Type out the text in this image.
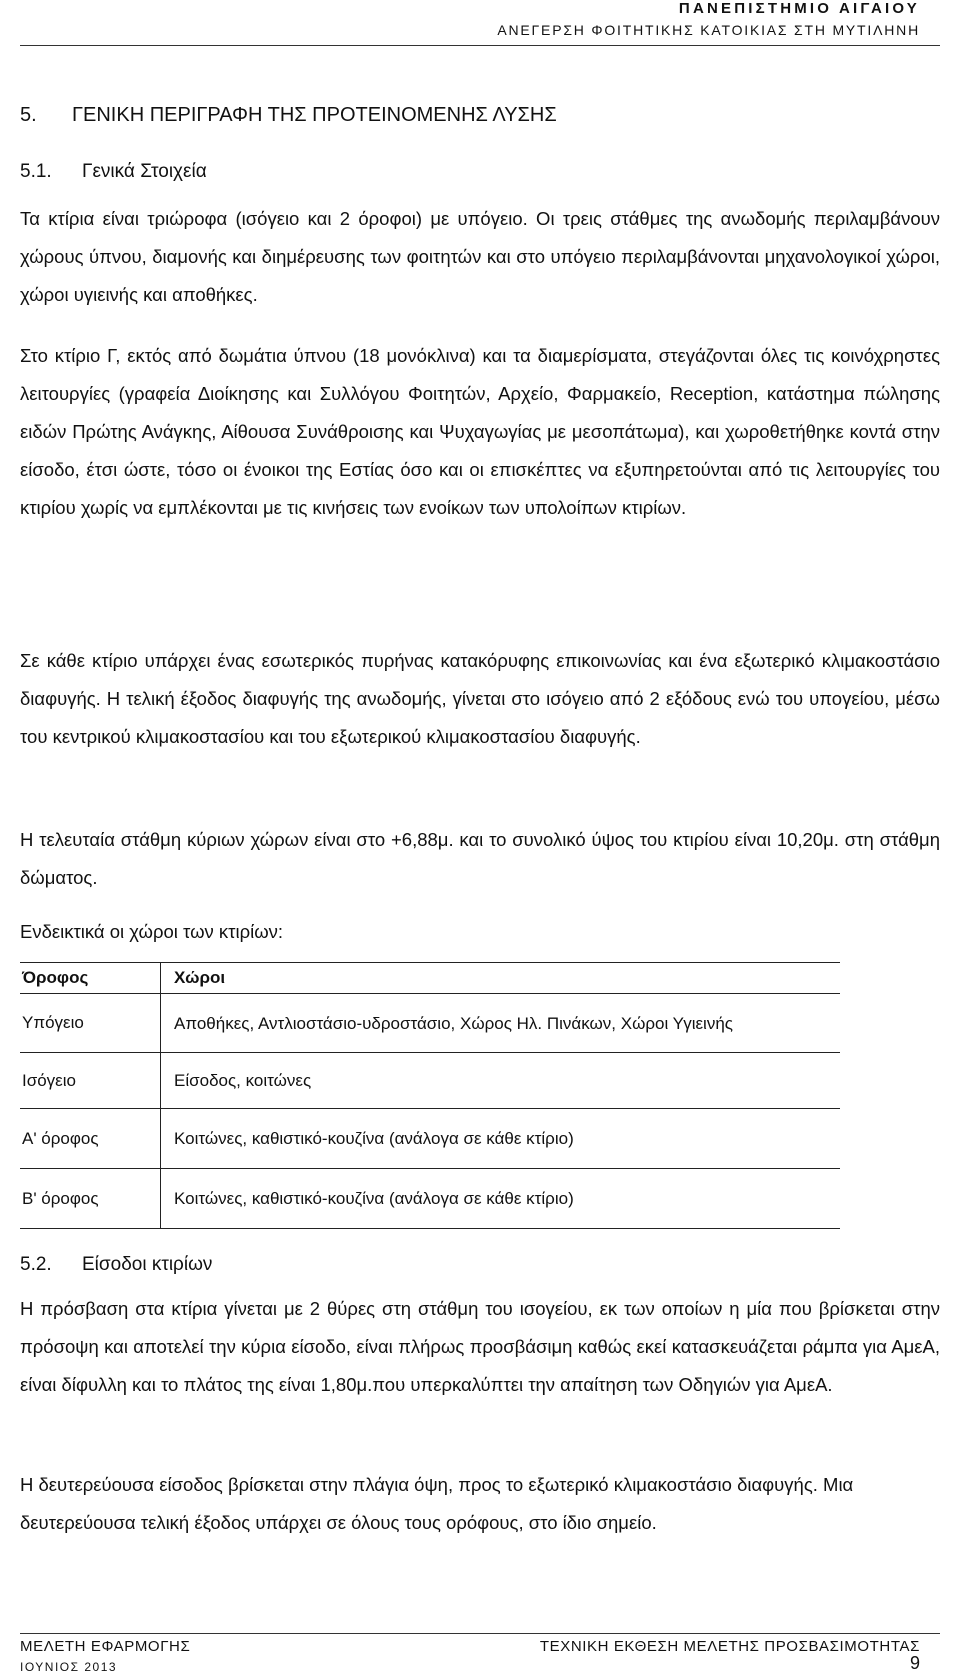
ΠΑΝΕΠΙΣΤΗΜΙΟ ΑΙΓΑΙΟΥ
ΑΝΕΓΕΡΣΗ ΦΟΙΤΗΤΙΚΗΣ ΚΑΤΟΙΚΙΑΣ ΣΤΗ ΜΥΤΙΛΗΝΗ
5. ΓΕΝΙΚΗ ΠΕΡΙΓΡΑΦΗ ΤΗΣ ΠΡΟΤΕΙΝΟΜΕΝΗΣ ΛΥΣΗΣ
5.1. Γενικά Στοιχεία
Τα κτίρια είναι τριώροφα (ισόγειο και 2 όροφοι) με υπόγειο. Οι τρεις στάθμες της ανωδομής περιλαμβάνουν χώρους ύπνου, διαμονής και διημέρευσης των φοιτητών και στο υπόγειο περιλαμβάνονται μηχανολογικοί χώροι, χώροι υγιεινής και αποθήκες.
Στο κτίριο Γ, εκτός από δωμάτια ύπνου (18 μονόκλινα) και τα διαμερίσματα, στεγάζονται όλες τις κοινόχρηστες λειτουργίες (γραφεία Διοίκησης και Συλλόγου Φοιτητών, Αρχείο, Φαρμακείο, Reception, κατάστημα πώλησης ειδών Πρώτης Ανάγκης, Αίθουσα Συνάθροισης και Ψυχαγωγίας με μεσοπάτωμα), και χωροθετήθηκε κοντά στην είσοδο, έτσι ώστε, τόσο οι ένοικοι της Εστίας όσο και οι επισκέπτες να εξυπηρετούνται από τις λειτουργίες του κτιρίου χωρίς να εμπλέκονται με τις κινήσεις των ενοίκων των υπολοίπων κτιρίων.
Σε κάθε κτίριο υπάρχει ένας εσωτερικός πυρήνας κατακόρυφης επικοινωνίας και ένα εξωτερικό κλιμακοστάσιο διαφυγής. Η τελική έξοδος διαφυγής της ανωδομής, γίνεται στο ισόγειο από 2 εξόδους ενώ του υπογείου, μέσω του κεντρικού κλιμακοστασίου και του εξωτερικού κλιμακοστασίου διαφυγής.
Η τελευταία στάθμη κύριων χώρων είναι στο +6,88μ. και το συνολικό ύψος του κτιρίου είναι 10,20μ. στη στάθμη δώματος.
Ενδεικτικά οι χώροι των κτιρίων:
Όροφος	Χώροι
Υπόγειο	Αποθήκες, Αντλιοστάσιο-υδροστάσιο, Χώρος Ηλ. Πινάκων, Χώροι Υγιεινής
Ισόγειο	Είσοδος, κοιτώνες
Α' όροφος	Κοιτώνες, καθιστικό-κουζίνα (ανάλογα σε κάθε κτίριο)
Β' όροφος	Κοιτώνες, καθιστικό-κουζίνα (ανάλογα σε κάθε κτίριο)
5.2. Είσοδοι κτιρίων
Η πρόσβαση στα κτίρια γίνεται με 2 θύρες στη στάθμη του ισογείου, εκ των οποίων η μία που βρίσκεται στην πρόσοψη και αποτελεί την κύρια είσοδο, είναι πλήρως προσβάσιμη καθώς εκεί κατασκευάζεται ράμπα για ΑμεΑ, είναι δίφυλλη και το πλάτος της είναι 1,80μ.που υπερκαλύπτει την απαίτηση των Οδηγιών για ΑμεΑ.
Η δευτερεύουσα είσοδος βρίσκεται στην πλάγια όψη, προς το εξωτερικό κλιμακοστάσιο διαφυγής. Μια δευτερεύουσα τελική έξοδος υπάρχει σε όλους τους ορόφους, στο ίδιο σημείο.
ΜΕΛΕΤΗ ΕΦΑΡΜΟΓΗΣ	ΤΕΧΝΙΚΗ ΕΚΘΕΣΗ ΜΕΛΕΤΗΣ ΠΡΟΣΒΑΣΙΜΟΤΗΤΑΣ
ΙΟΥΝΙΟΣ 2013	9
